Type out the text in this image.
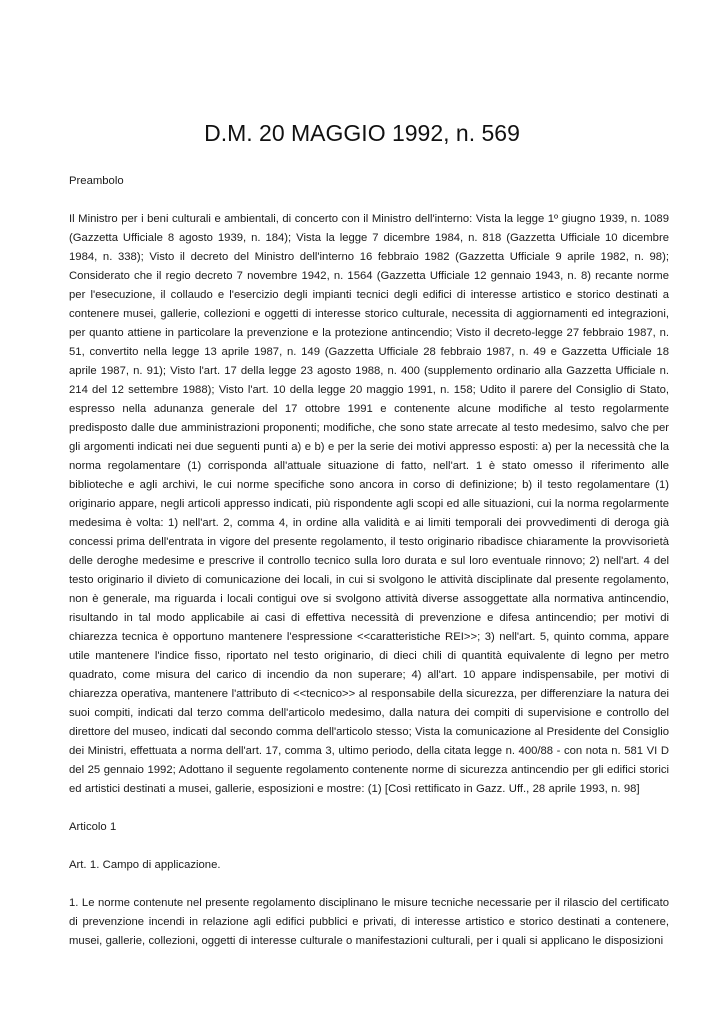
D.M. 20 MAGGIO 1992, n. 569

Preambolo

Il Ministro per i beni culturali e ambientali, di concerto con il Ministro dell'interno: Vista la legge 1º giugno 1939, n. 1089 (Gazzetta Ufficiale 8 agosto 1939, n. 184); Vista la legge 7 dicembre 1984, n. 818 (Gazzetta Ufficiale 10 dicembre 1984, n. 338); Visto il decreto del Ministro dell'interno 16 febbraio 1982 (Gazzetta Ufficiale 9 aprile 1982, n. 98); Considerato che il regio decreto 7 novembre 1942, n. 1564 (Gazzetta Ufficiale 12 gennaio 1943, n. 8) recante norme per l'esecuzione, il collaudo e l'esercizio degli impianti tecnici degli edifici di interesse artistico e storico destinati a contenere musei, gallerie, collezioni e oggetti di interesse storico culturale, necessita di aggiornamenti ed integrazioni, per quanto attiene in particolare la prevenzione e la protezione antincendio; Visto il decreto-legge 27 febbraio 1987, n. 51, convertito nella legge 13 aprile 1987, n. 149 (Gazzetta Ufficiale 28 febbraio 1987, n. 49 e Gazzetta Ufficiale 18 aprile 1987, n. 91); Visto l'art. 17 della legge 23 agosto 1988, n. 400 (supplemento ordinario alla Gazzetta Ufficiale n. 214 del 12 settembre 1988); Visto l'art. 10 della legge 20 maggio 1991, n. 158; Udito il parere del Consiglio di Stato, espresso nella adunanza generale del 17 ottobre 1991 e contenente alcune modifiche al testo regolarmente predisposto dalle due amministrazioni proponenti; modifiche, che sono state arrecate al testo medesimo, salvo che per gli argomenti indicati nei due seguenti punti a) e b) e per la serie dei motivi appresso esposti: a) per la necessità che la norma regolamentare (1) corrisponda all'attuale situazione di fatto, nell'art. 1 è stato omesso il riferimento alle biblioteche e agli archivi, le cui norme specifiche sono ancora in corso di definizione; b) il testo regolamentare (1) originario appare, negli articoli appresso indicati, più rispondente agli scopi ed alle situazioni, cui la norma regolarmente medesima è volta: 1) nell'art. 2, comma 4, in ordine alla validità e ai limiti temporali dei provvedimenti di deroga già concessi prima dell'entrata in vigore del presente regolamento, il testo originario ribadisce chiaramente la provvisorietà delle deroghe medesime e prescrive il controllo tecnico sulla loro durata e sul loro eventuale rinnovo; 2) nell'art. 4 del testo originario il divieto di comunicazione dei locali, in cui si svolgono le attività disciplinate dal presente regolamento, non è generale, ma riguarda i locali contigui ove si svolgono attività diverse assoggettate alla normativa antincendio, risultando in tal modo applicabile ai casi di effettiva necessità di prevenzione e difesa antincendio; per motivi di chiarezza tecnica è opportuno mantenere l'espressione <<caratteristiche REI>>; 3) nell'art. 5, quinto comma, appare utile mantenere l'indice fisso, riportato nel testo originario, di dieci chili di quantità equivalente di legno per metro quadrato, come misura del carico di incendio da non superare; 4) all'art. 10 appare indispensabile, per motivi di chiarezza operativa, mantenere l'attributo di <<tecnico>> al responsabile della sicurezza, per differenziare la natura dei suoi compiti, indicati dal terzo comma dell'articolo medesimo, dalla natura dei compiti di supervisione e controllo del direttore del museo, indicati dal secondo comma dell'articolo stesso; Vista la comunicazione al Presidente del Consiglio dei Ministri, effettuata a norma dell'art. 17, comma 3, ultimo periodo, della citata legge n. 400/88 - con nota n. 581 VI D del 25 gennaio 1992; Adottano il seguente regolamento contenente norme di sicurezza antincendio per gli edifici storici ed artistici destinati a musei, gallerie, esposizioni e mostre: (1) [Così rettificato in Gazz. Uff., 28 aprile 1993, n. 98]

Articolo 1

Art. 1. Campo di applicazione.

1. Le norme contenute nel presente regolamento disciplinano le misure tecniche necessarie per il rilascio del certificato di prevenzione incendi in relazione agli edifici pubblici e privati, di interesse artistico e storico destinati a contenere, musei, gallerie, collezioni, oggetti di interesse culturale o manifestazioni culturali, per i quali si applicano le disposizioni
